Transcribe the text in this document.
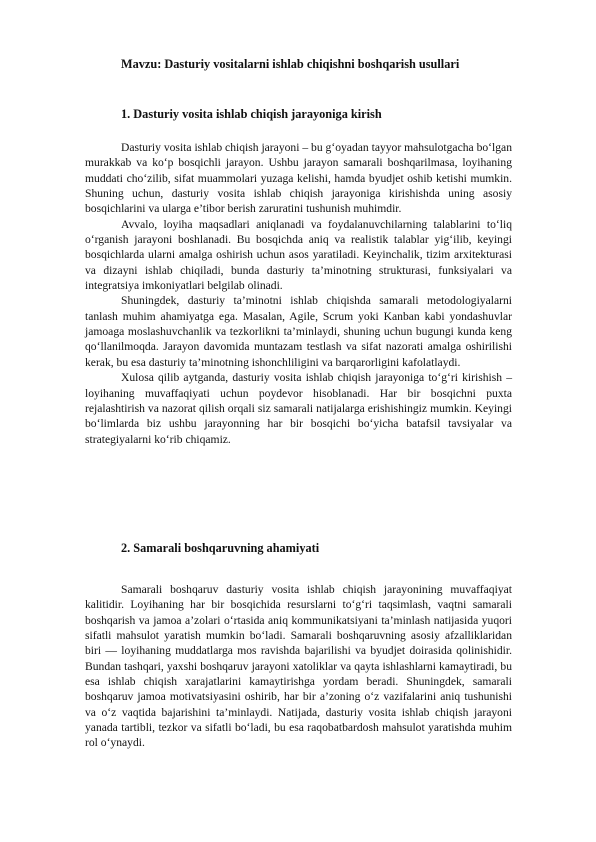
Mavzu: Dasturiy vositalarni ishlab chiqishni boshqarish usullari
1. Dasturiy vosita ishlab chiqish jarayoniga kirish

Dasturiy vosita ishlab chiqish jarayoni – bu g‘oyadan tayyor mahsulotgacha bo‘lgan murakkab va ko‘p bosqichli jarayon. Ushbu jarayon samarali boshqarilmasa, loyihaning muddati cho‘zilib, sifat muammolari yuzaga kelishi, hamda byudjet oshib ketishi mumkin. Shuning uchun, dasturiy vosita ishlab chiqish jarayoniga kirishishda uning asosiy bosqichlarini va ularga e’tibor berish zaruratini tushunish muhimdir.

Avvalo, loyiha maqsadlari aniqlanadi va foydalanuvchilarning talablarini to‘liq o‘rganish jarayoni boshlanadi. Bu bosqichda aniq va realistik talablar yig‘ilib, keyingi bosqichlarda ularni amalga oshirish uchun asos yaratiladi. Keyinchalik, tizim arxitekturasi va dizayni ishlab chiqiladi, bunda dasturiy ta’minotning strukturasi, funksiyalari va integratsiya imkoniyatlari belgilab olinadi.

Shuningdek, dasturiy ta’minotni ishlab chiqishda samarali metodologiyalarni tanlash muhim ahamiyatga ega. Masalan, Agile, Scrum yoki Kanban kabi yondashuvlar jamoaga moslashuvchanlik va tezkorlikni ta’minlaydi, shuning uchun bugungi kunda keng qo‘llanilmoqda. Jarayon davomida muntazam testlash va sifat nazorati amalga oshirilishi kerak, bu esa dasturiy ta’minotning ishonchliligini va barqarorligini kafolatlaydi.

Xulosa qilib aytganda, dasturiy vosita ishlab chiqish jarayoniga to‘g‘ri kirishish – loyihaning muvaffaqiyati uchun poydevor hisoblanadi. Har bir bosqichni puxta rejalashtirish va nazorat qilish orqali siz samarali natijalarga erishishingiz mumkin. Keyingi bo‘limlarda biz ushbu jarayonning har bir bosqichi bo‘yicha batafsil tavsiyalar va strategiyalarni ko‘rib chiqamiz.

2. Samarali boshqaruvning ahamiyati

Samarali boshqaruv dasturiy vosita ishlab chiqish jarayonining muvaffaqiyat kalitidir. Loyihaning har bir bosqichida resurslarni to‘g‘ri taqsimlash, vaqtni samarali boshqarish va jamoa a’zolari o‘rtasida aniq kommunikatsiyani ta’minlash natijasida yuqori sifatli mahsulot yaratish mumkin bo‘ladi. Samarali boshqaruvning asosiy afzalliklaridan biri — loyihaning muddatlarga mos ravishda bajarilishi va byudjet doirasida qolinishidir. Bundan tashqari, yaxshi boshqaruv jarayoni xatoliklar va qayta ishlashlarni kamaytiradi, bu esa ishlab chiqish xarajatlarini kamaytirishga yordam beradi. Shuningdek, samarali boshqaruv jamoa motivatsiyasini oshirib, har bir a’zoning o‘z vazifalarini aniq tushunishi va o‘z vaqtida bajarishini ta’minlaydi. Natijada, dasturiy vosita ishlab chiqish jarayoni yanada tartibli, tezkor va sifatli bo‘ladi, bu esa raqobatbardosh mahsulot yaratishda muhim rol o‘ynaydi.
